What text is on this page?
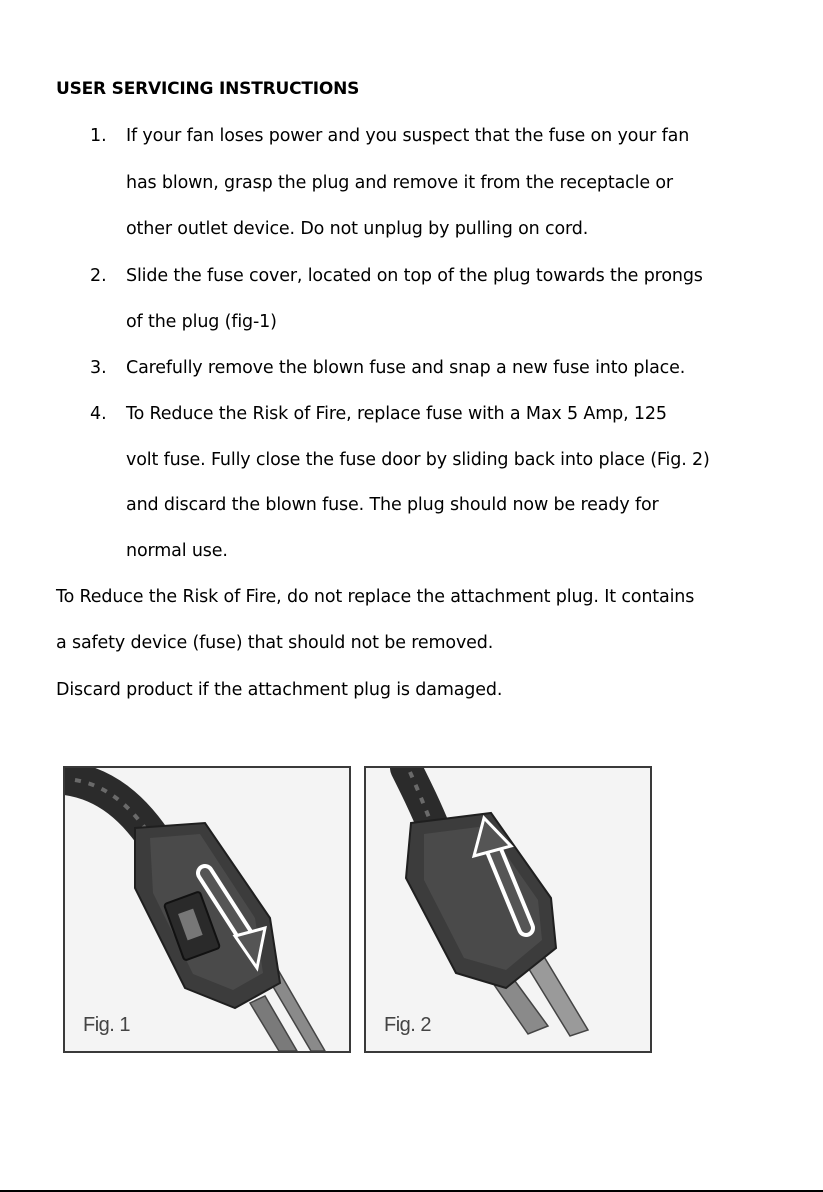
USER SERVICING INSTRUCTIONS
1. If your fan loses power and you suspect that the fuse on your fan
has blown, grasp the plug and remove it from the receptacle or
other outlet device. Do not unplug by pulling on cord.
2. Slide the fuse cover, located on top of the plug towards the prongs
of the plug (fig-1)
3. Carefully remove the blown fuse and snap a new fuse into place.
4. To Reduce the Risk of Fire, replace fuse with a Max 5 Amp, 125
volt fuse. Fully close the fuse door by sliding back into place (Fig. 2)
and discard the blown fuse. The plug should now be ready for
normal use.
To Reduce the Risk of Fire, do not replace the attachment plug. It contains
a safety device (fuse) that should not be removed.
Discard product if the attachment plug is damaged.
Fig. 1	Fig. 2
